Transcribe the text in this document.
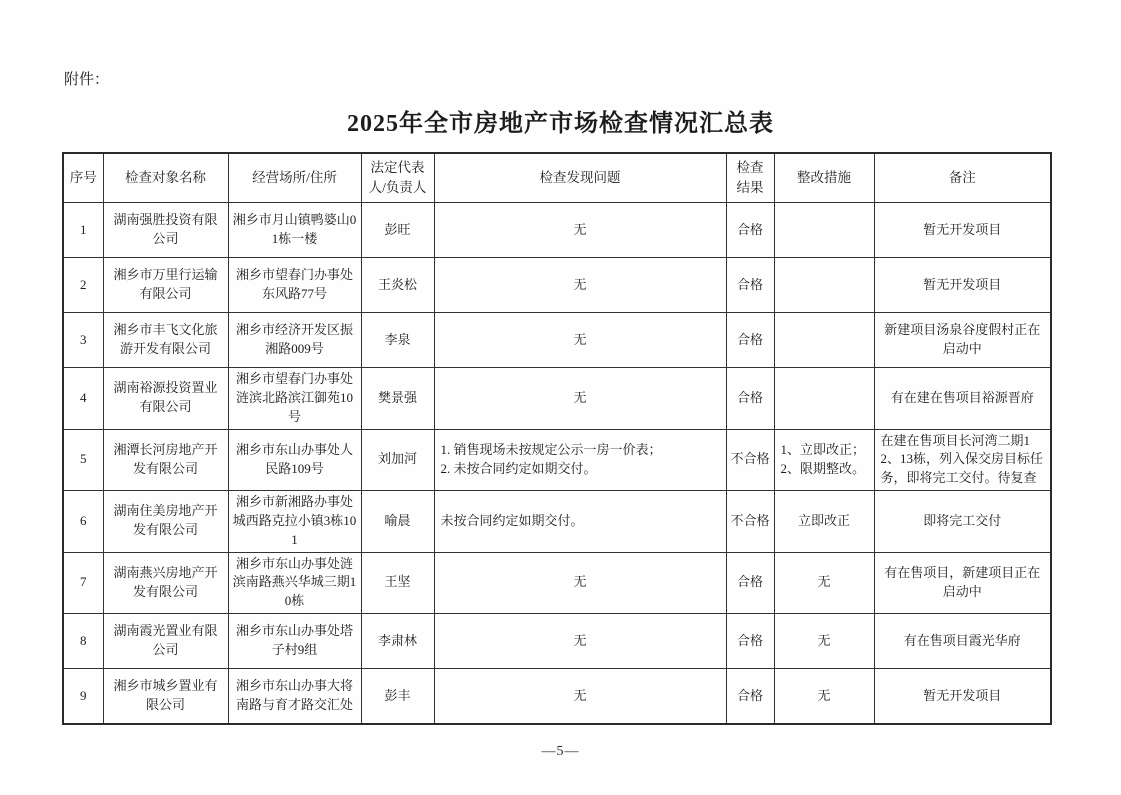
附件：
2025年全市房地产市场检查情况汇总表
序号	检查对象名称	经营场所/住所	法定代表人/负责人	检查发现问题	检查结果	整改措施	备注

1	湖南强胜投资有限公司	湘乡市月山镇鸭婆山01栋一楼	彭旺	无	合格		暂无开发项目

2	湘乡市万里行运输有限公司	湘乡市望春门办事处东风路77号	王炎松	无	合格		暂无开发项目

3	湘乡市丰飞文化旅游开发有限公司	湘乡市经济开发区振湘路009号	李泉	无	合格		新建项目汤泉谷度假村正在启动中

4	湖南裕源投资置业有限公司	湘乡市望春门办事处涟滨北路滨江御苑10号	樊景强	无	合格		有在建在售项目裕源晋府

5	湘潭长河房地产开发有限公司	湘乡市东山办事处人民路109号	刘加河	1. 销售现场未按规定公示一房一价表；
2. 未按合同约定如期交付。	不合格	1、立即改正；
2、限期整改。	在建在售项目长河湾二期12、13栋，列入保交房目标任务，即将完工交付。待复查

6	湖南住美房地产开发有限公司	湘乡市新湘路办事处城西路克拉小镇3栋101	喻晨	未按合同约定如期交付。	不合格	立即改正	即将完工交付

7	湖南燕兴房地产开发有限公司	湘乡市东山办事处涟滨南路燕兴华城三期10栋	王坚	无	合格	无	有在售项目，新建项目正在启动中

8	湖南霞光置业有限公司	湘乡市东山办事处塔子村9组	李肃林	无	合格	无	有在售项目霞光华府

9	湘乡市城乡置业有限公司	湘乡市东山办事大将南路与育才路交汇处	彭丰	无	合格	无	暂无开发项目
—5—
